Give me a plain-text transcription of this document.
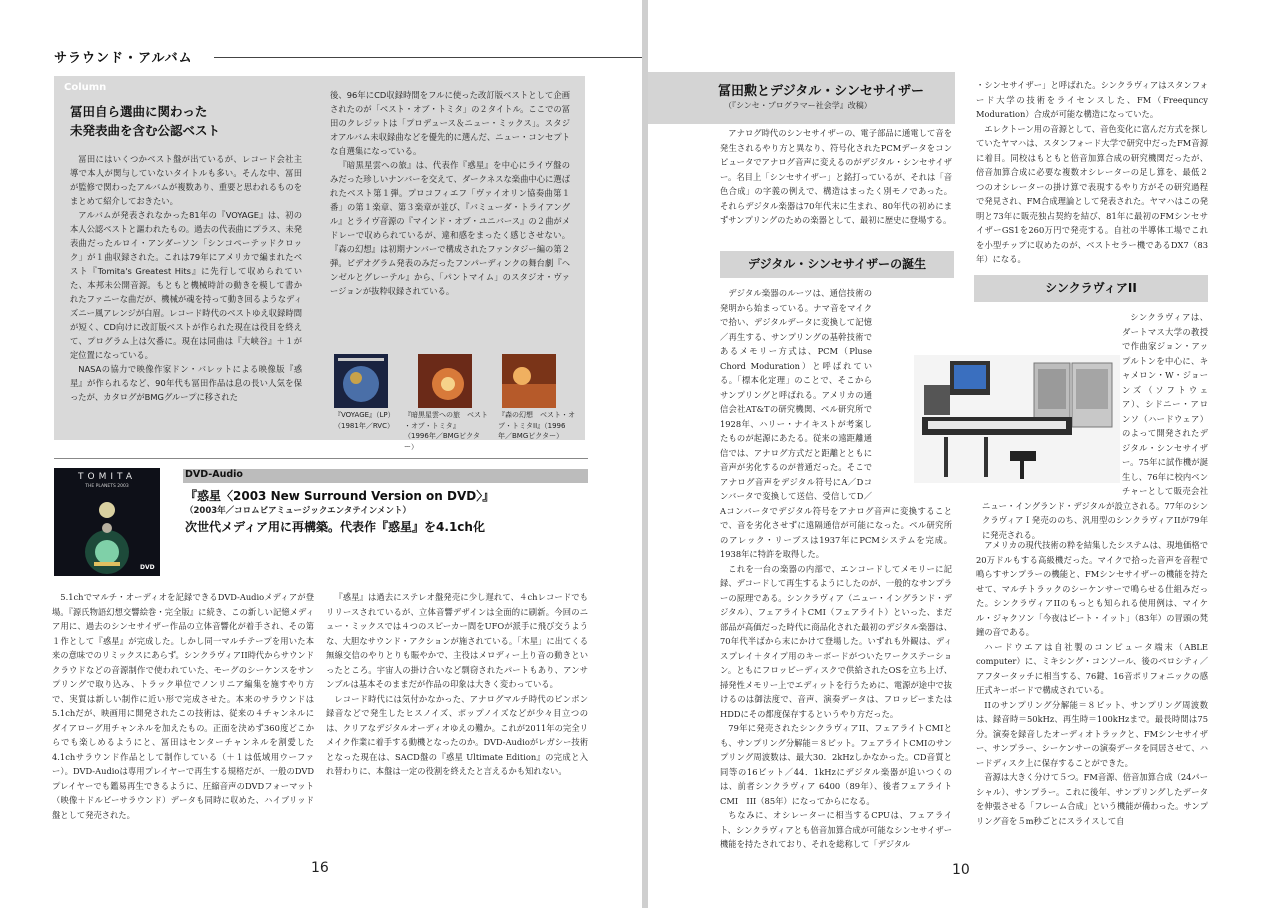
サラウンド・アルバム
Column
冨田自ら選曲に関わった
未発表曲を含む公認ベスト

冨田にはいくつかベスト盤が出ているが、レコード会社主導で本人が関与していないタイトルも多い。そんな中、冨田が監修で関わったアルバムが複数あり、重要と思われるものをまとめて紹介しておきたい。

アルバムが発表されなかった81年の『VOYAGE』は、初の本人公認ベストと謳われたもの。過去の代表曲にプラス、未発表曲だったルロイ・アンダーソン「シンコペーテッドクロック」が１曲収録された。これは79年にアメリカで編まれたベスト『Tomita's Greatest Hits』に先行して収められていた、本邦未公開音源。もともと機械時計の動きを模して書かれたファニーな曲だが、機械が魂を持って動き回るようなディズニー風アレンジが白眉。レコード時代のベストゆえ収録時間が短く、CD向けに改訂版ベストが作られた現在は役目を終えて、プログラム上は欠番に。現在は同曲は『大峡谷』＋１が定位置になっている。

NASAの協力で映像作家ドン・バレットによる映像版『惑星』が作られるなど、90年代も冨田作品は息の長い人気を保ったが、カタログがBMGグループに移された

後、96年にCD収録時間をフルに使った改訂版ベストとして企画されたのが「ベスト・オブ・トミタ」の２タイトル。ここでの冨田のクレジットは「プロデュース＆ニュー・ミックス」。スタジオアルバム未収録曲などを優先的に選んだ、ニュー・コンセプトな自選集になっている。

『暗黒星雲への旅』は、代表作『惑星』を中心にライヴ盤のみだった珍しいナンバーを交えて、ダークネスな楽曲中心に選ばれたベスト第１弾。プロコフィエフ「ヴァイオリン協奏曲第１番」の第１楽章、第３楽章が並び、『バミューダ・トライアングル』とライヴ音源の『マインド・オブ・ユニバース』の２曲がメドレーで収められているが、違和感をまったく感じさせない。『森の幻想』は初期ナンバーで構成されたファンタジー編の第２弾。ビデオグラム発表のみだったフンパーディンクの舞台劇『ヘンゼルとグレーテル』から、「パントマイム」のスタジオ・ヴァージョンが抜粋収録されている。

『VOYAGE』（LP）
（1981年／RVC）
『暗黒星雲への旅　ベスト
・オブ・トミタ』
（1996年／BMGビクター）
『森の幻想　ベスト・オ
ブ・トミタII』（1996
年／BMGビクター）
TOMITA
THE PLANETS 2003
DVD
DVD-Audio
『惑星〈2003 New Surround Version on DVD〉』
（2003年／コロムビアミュージックエンタテインメント）
次世代メディア用に再構築。代表作『惑星』を4.1ch化

5.1chでマルチ・オーディオを記録できるDVD-Audioメディアが登場。『源氏物語幻想交響絵巻・完全版』に続き、この新しい記憶メディア用に、過去のシンセサイザー作品の立体音響化が着手され、その第１作として『惑星』が完成した。しかし同一マルチテープを用いた本来の意味でのリミックスにあらず。シンクラヴィアII時代からサウンドクラウドなどの音源制作で使われていた、モーグのシーケンスをサンプリングで取り込み、トラック単位でノンリニア編集を施すやり方で、実質は新しい制作に近い形で完成させた。本来のサラウンドは5.1chだが、映画用に開発されたこの技術は、従来の４チャンネルにダイアローグ用チャンネルを加えたもの。正面を決めず360度どこからでも楽しめるようにと、冨田はセンターチャンネルを割愛した4.1chサラウンド作品として制作している（＋１は低域用ウーファー）。DVD-Audioは専用プレイヤーで再生する規格だが、一般のDVDプレイヤーでも鑑易再生できるように、圧縮音声のDVDフォーマット（映像＋ドルビーサラウンド）データも同時に収めた、ハイブリッド盤として発売された。

『惑星』は過去にステレオ盤発売に少し遅れて、４chレコードでもリリースされているが、立体音響デザインは全面的に刷新。今回のニュー・ミックスでは４つのスピーカー間をUFOが派手に飛び交うような、大胆なサウンド・アクションが施されている。「木星」に出てくる無線交信のやりとりも賑やかで、主役はメロディー上り音の動きといったところ。宇宙人の掛け合いなど剽窃されたパートもあり、アンサンブルは基本そのままだが作品の印象は大きく変わっている。

レコード時代には気付かなかった、アナログマルチ時代のピンポン録音などで発生したヒスノイズ、ポップノイズなどが少々目立つのは、クリアなデジタルオーディオゆえの難か。これが2011年の完全リメイク作業に着手する動機となったのか。DVD-Audioがレガシー技術となった現在は、SACD盤の『惑星 Ultimate Edition』の完成と入れ替わりに、本盤は一定の役割を終えたと言えるかも知れない。

16
冨田勲とデジタル・シンセサイザー
（『シンセ・プログラマー社会学』改稿）

アナログ時代のシンセサイザーの、電子部品に通電して音を発生されるやり方と異なり、符号化されたPCMデータをコンピュータでアナログ音声に変えるのがデジタル・シンセサイザー。名目上「シンセサイザー」と銘打っているが、それは「音色合成」の字義の例えで、構造はまったく別モノであった。それらデジタル楽器は70年代末に生まれ、80年代の初めにまずサンプリングのための楽器として、最初に歴史に登場する。

デジタル・シンセサイザーの誕生

デジタル楽器のルーツは、通信技術の発明から始まっている。ナマ音をマイクで拾い、デジタルデータに変換して記憶／再生する、サンプリングの基幹技術であるメモリー方式は、PCM（Pluse Chord Moduration）と呼ばれている。「標本化定理」のことで、そこからサンプリングと呼ばれる。アメリカの通信会社AT&Tの研究機関、ベル研究所で1928年、ハリー・ナイキストが考案したものが起源にあたる。従来の遠距離通信では、アナログ方式だと距離とともに音声が劣化するのが普通だった。そこでアナログ音声をデジタル符号にA／Dコンバータで変換して送信、受信してD／Aコンバータでデジタル符号をアナログ音声に変換することで、音を劣化させずに遠隔通信が可能になった。ベル研究所のアレック・リーブスは1937年にPCMシステムを完成。1938年に特許を取得した。

これを一台の楽器の内部で、エンコードしてメモリーに記録、デコードして再生するようにしたのが、一般的なサンプラーの原理である。シンクラヴィア（ニュー・イングランド・デジタル）、フェアライトCMI（フェアライト）といった、まだ部品が高価だった時代に商品化された最初のデジタル楽器は、70年代半ばから末にかけて登場した。いずれも外観は、ディスプレイ＋タイプ用のキーボードがついたワークステーション。ともにフロッピーディスクで供給されたOSを立ち上げ、掃発性メモリー上でエディットを行うために、電源が途中で抜けるのは御法度で、音声、演奏データは、フロッピーまたはHDDにその都度保存するというやり方だった。

79年に発売されたシンクラヴィアII、フェアライトCMIとも、サンプリング分解能＝８ビット。フェアライトCMIのサンプリング周波数は、最大30．2kHzしかなかった。CD音質と同等の16ビット／44．1kHzにデジタル楽器が追いつくのは、前者シンクラヴィア 6400（89年）、後者フェアライトCMI　III（85年）になってからになる。

ちなみに、オシレーターに相当するCPUは、フェアライト、シンクラヴィアとも倍音加算合成が可能なシンセサイザー機能を持たされており、それを総称して「デジタル

・シンセサイザー」と呼ばれた。シンクラヴィアはスタンフォード大学の技術をライセンスした、FM（Freequncy Moduration）合成が可能な構造になっていた。

エレクトーン用の音源として、音色変化に富んだ方式を探していたヤマハは、スタンフォード大学で研究中だったFM音源に着目。同校はもともと倍音加算合成の研究機関だったが、倍音加算合成に必要な複数オシレーターの足し算を、最低２つのオシレーターの掛け算で表現するやり方がその研究過程で発見され、FM合成理論として発表された。ヤマハはこの発明と73年に販売独占契約を結び、81年に最初のFMシンセサイザーGS1を260万円で発売する。自社の半導体工場でこれを小型チップに収めたのが、ベストセラー機であるDX7（83年）になる。

シンクラヴィアII

シンクラヴィアは、ダートマス大学の教授で作曲家ジョン・アップルトンを中心に、キャメロン・W・ジョーンズ（ソフトウェア）、シドニー・アロンソ（ハードウェア）のよって開発されたデジタル・シンセサイザー。75年に試作機が誕生し、76年に校内ベンチャーとして販売会社ニュー・イングランド・デジタルが設立される。77年のシンクラヴィアＩ発売ののち、汎用型のシンクラヴィアIIが79年に発売される。

アメリカの現代技術の粋を結集したシステムは、現地価格で20万ドルもする高級機だった。マイクで拾った音声を音程で鳴らすサンプラーの機能と、FMシンセサイザーの機能を持たせて、マルチトラックのシーケンサーで鳴らせる仕組みだった。シンクラヴィアIIのもっとも知られる使用例は、マイケル・ジャクソン「今夜はビート・イット」（83年）の冒頭の梵鐘の音である。

ハードウエアは自社製のコンピュータ端末（ABLE computer）に、ミキシング・コンソール、後のベロシティ／アフタータッチに相当する、76鍵、16音ポリフォニックの感圧式キーボードで構成されている。

IIのサンプリング分解能＝８ビット、サンプリング周波数は、録音時＝50kHz、再生時＝100kHzまで。最長時間は75分。演奏を録音したオーディオトラックと、FMシンセサイザー、サンプラー、シーケンサーの演奏データを同居させて、ハードディスク上に保存することができた。

音源は大きく分けて５つ。FM音源、倍音加算合成（24パーシャル）、サンプラー。これに後年、サンプリングしたデータを伸張させる「フレーム合成」という機能が備わった。サンプリング音を５m秒ごとにスライスして自

10
